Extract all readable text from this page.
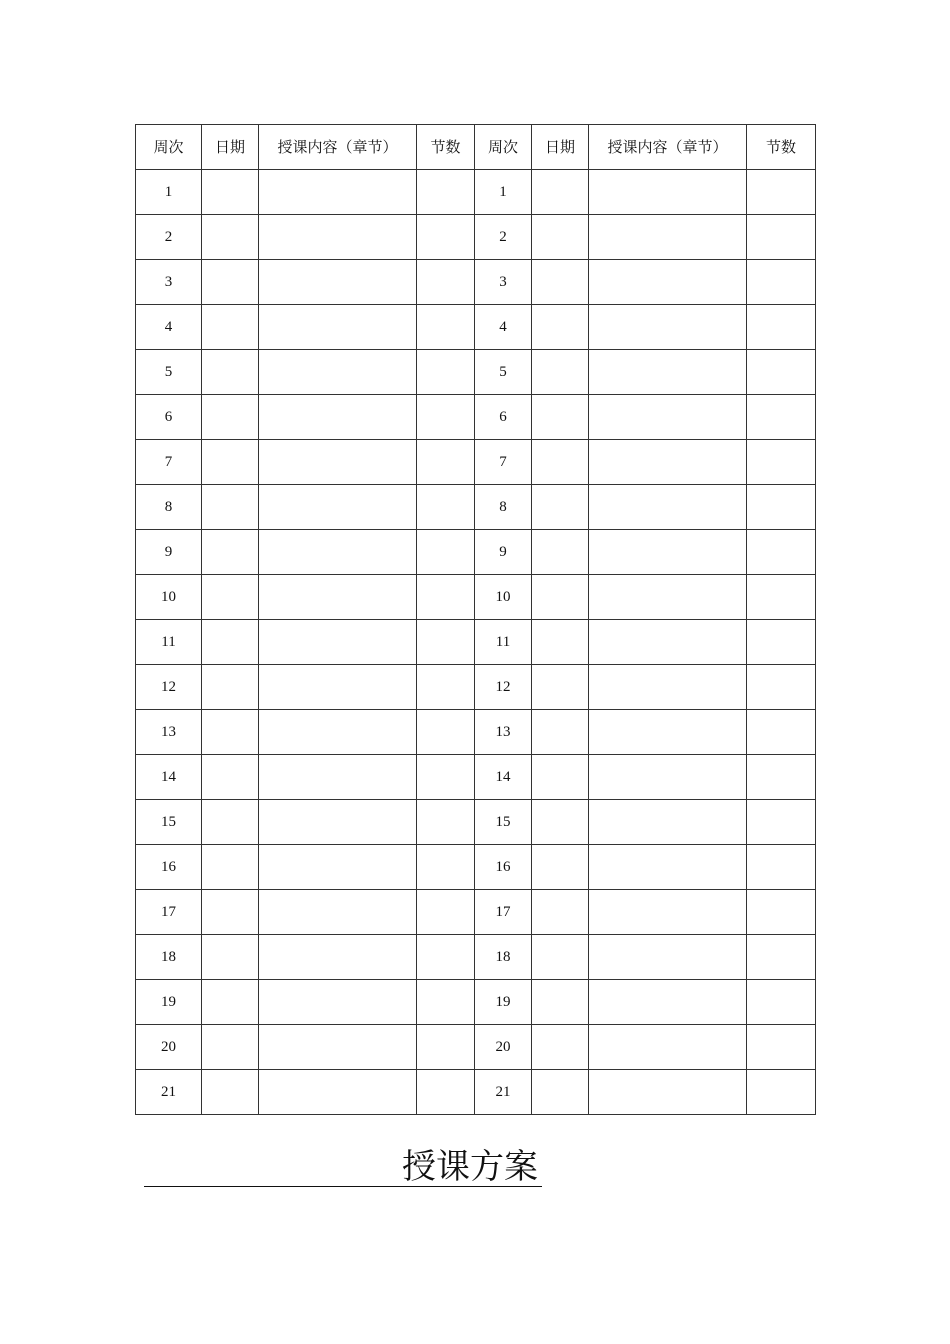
周次	日期	授课内容（章节）	节数	周次	日期	授课内容（章节）	节数
1				1			
2				2			
3				3			
4				4			
5				5			
6				6			
7				7			
8				8			
9				9			
10				10			
11				11			
12				12			
13				13			
14				14			
15				15			
16				16			
17				17			
18				18			
19				19			
20				20			
21				21			
授课方案
